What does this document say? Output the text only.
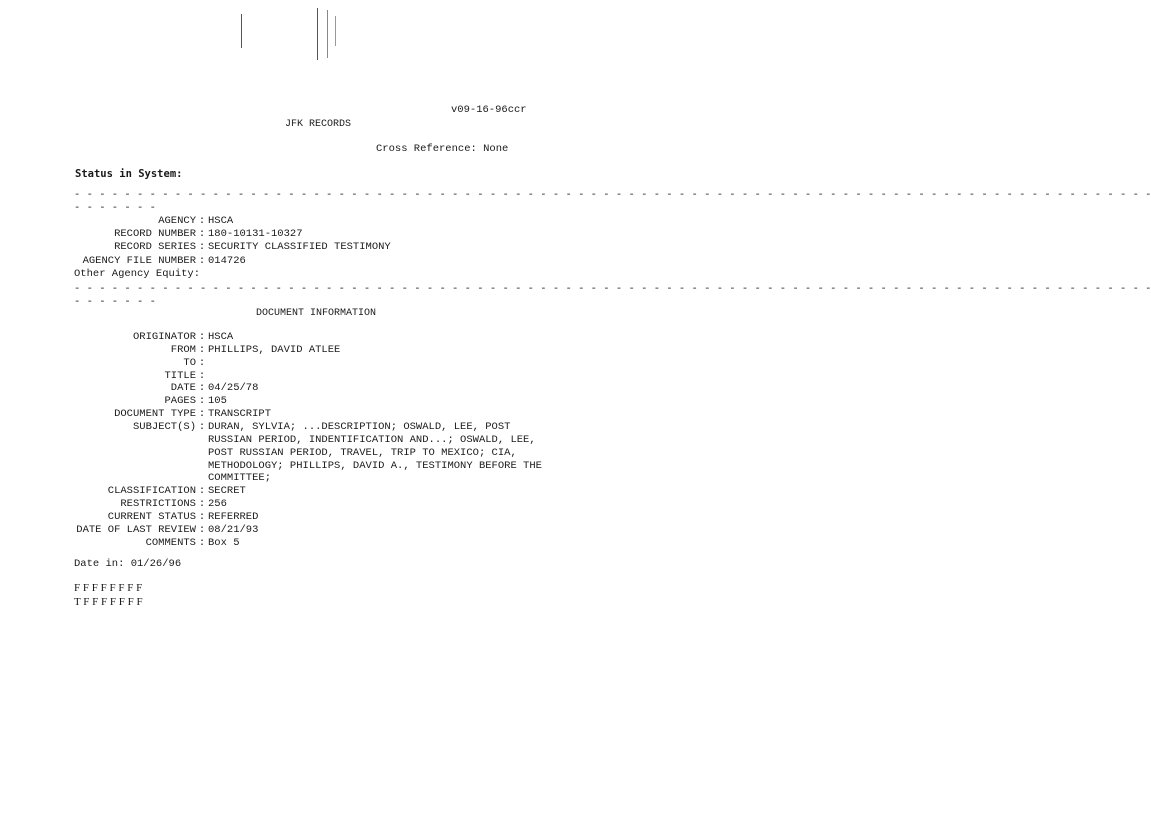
v09-16-96ccr
JFK RECORDS
Cross Reference: None
Status in System:
- - - - - - - - - - - - - - - - - - - - - - - - - - - - - - - - - - - - - - - - - - - - - - - - - - - - - - - - - - - - - - - - - - - - - - - - - - - - - - - - - - - - - -
- - - - - - -
AGENCY : HSCA
RECORD NUMBER : 180-10131-10327
RECORD SERIES : SECURITY CLASSIFIED TESTIMONY
AGENCY FILE NUMBER : 014726
Other Agency Equity:
- - - - - - - - - - - - - - - - - - - - - - - - - - - - - - - - - - - - - - - - - - - - - - - - - - - - - - - - - - - - - - - - - - - - - - - - - - - - - - - - - - - - - -
- - - - - - -
DOCUMENT INFORMATION
ORIGINATOR : HSCA
FROM : PHILLIPS, DAVID ATLEE
TO :
TITLE :
DATE : 04/25/78
PAGES : 105
DOCUMENT TYPE : TRANSCRIPT
SUBJECT(S) : DURAN, SYLVIA; ...DESCRIPTION; OSWALD, LEE, POST
RUSSIAN PERIOD, INDENTIFICATION AND...; OSWALD, LEE,
POST RUSSIAN PERIOD, TRAVEL, TRIP TO MEXICO; CIA,
METHODOLOGY; PHILLIPS, DAVID A., TESTIMONY BEFORE THE
COMMITTEE;
CLASSIFICATION : SECRET
RESTRICTIONS : 256
CURRENT STATUS : REFERRED
DATE OF LAST REVIEW : 08/21/93
COMMENTS : Box 5
Date in: 01/26/96
F F F F F F F F
T F F F F F F F
